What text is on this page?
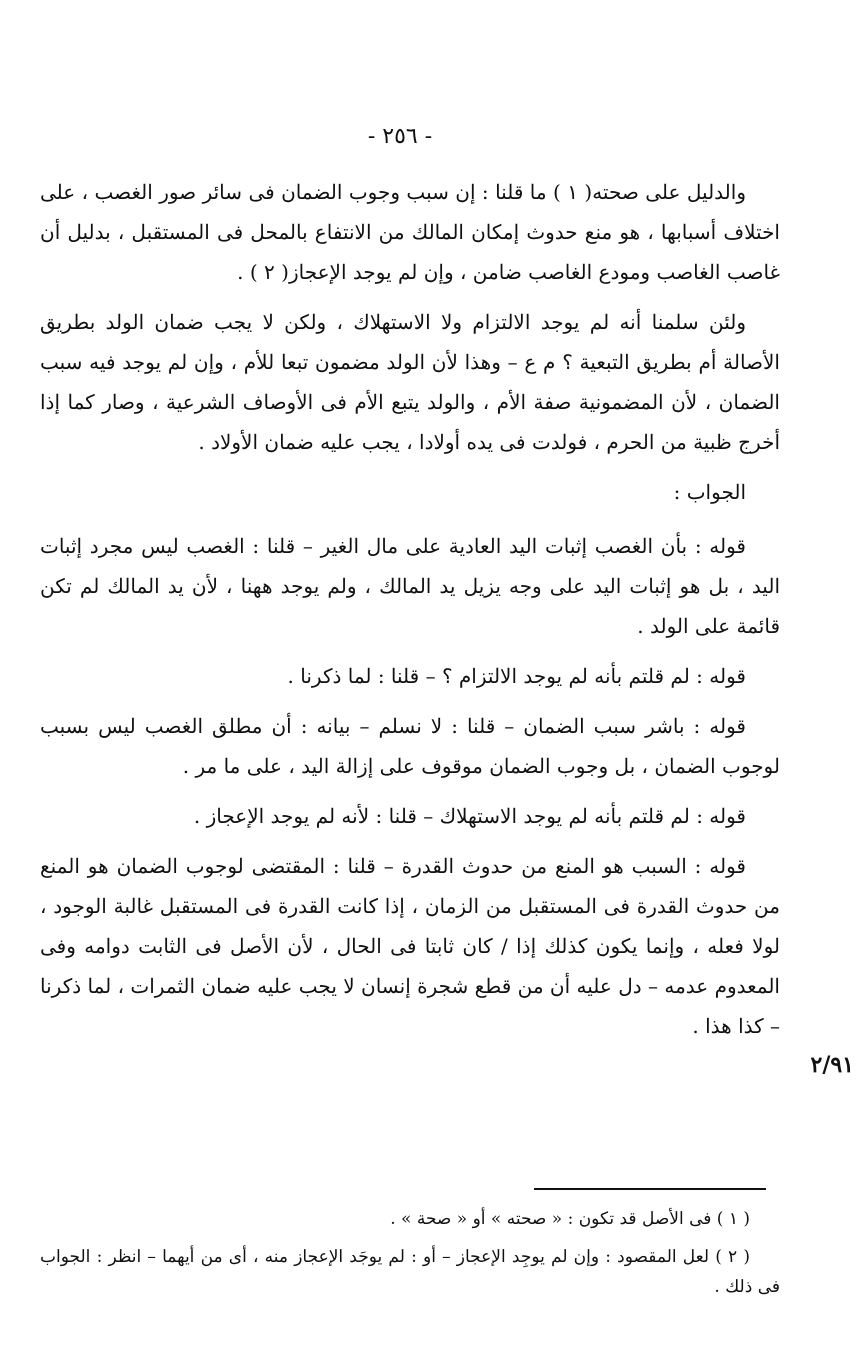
- ٢٥٦ -

والدليل على صحته( ١ ) ما قلنا : إن سبب وجوب الضمان فى سائر صور الغصب ، على اختلاف أسبابها ، هو منع حدوث إمكان المالك من الانتفاع بالمحل فى المستقبل ، بدليل أن غاصب الغاصب ومودع الغاصب ضامن ، وإن لم يوجد الإعجاز( ٢ ) .

ولئن سلمنا أنه لم يوجد الالتزام ولا الاستهلاك ، ولكن لا يجب ضمان الولد بطريق الأصالة أم بطريق التبعية ؟ م ع – وهذا لأن الولد مضمون تبعا للأم ، وإن لم يوجد فيه سبب الضمان ، لأن المضمونية صفة الأم ، والولد يتبع الأم فى الأوصاف الشرعية ، وصار كما إذا أخرج ظبية من الحرم ، فولدت فى يده أولادا ، يجب عليه ضمان الأولاد .

الجواب :

قوله : بأن الغصب إثبات اليد العادية على مال الغير – قلنا : الغصب ليس مجرد إثبات اليد ، بل هو إثبات اليد على وجه يزيل يد المالك ، ولم يوجد ههنا ، لأن يد المالك لم تكن قائمة على الولد .

قوله : لم قلتم بأنه لم يوجد الالتزام ؟ – قلنا : لما ذكرنا .

قوله : باشر سبب الضمان – قلنا : لا نسلم – بيانه : أن مطلق الغصب ليس بسبب لوجوب الضمان ، بل وجوب الضمان موقوف على إزالة اليد ، على ما مر .

قوله : لم قلتم بأنه لم يوجد الاستهلاك – قلنا : لأنه لم يوجد الإعجاز .

قوله : السبب هو المنع من حدوث القدرة – قلنا : المقتضى لوجوب الضمان هو المنع من حدوث القدرة فى المستقبل من الزمان ، إذا كانت القدرة فى المستقبل غالبة الوجود ، لولا فعله ، وإنما يكون كذلك إذا / كان ثابتا فى الحال ، لأن الأصل فى الثابت دوامه وفى المعدوم عدمه – دل عليه أن من قطع شجرة إنسان لا يجب عليه ضمان الثمرات ، لما ذكرنا – كذا هذا .

٢/٩١

( ١ ) فى الأصل قد تكون : « صحته » أو « صحة » .

( ٢ ) لعل المقصود : وإن لم يوجِد الإعجاز – أو : لم يوجَد الإعجاز منه ، أى من أيهما – انظر : الجواب فى ذلك .
